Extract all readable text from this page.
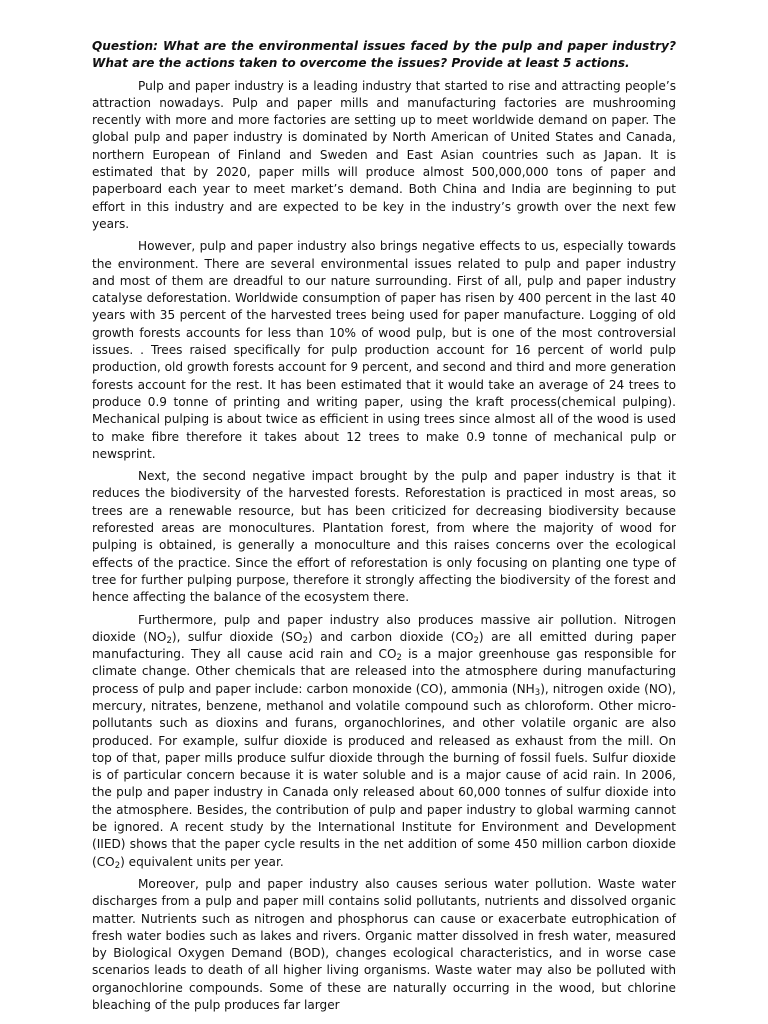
Question: What are the environmental issues faced by the pulp and paper industry? What are the actions taken to overcome the issues? Provide at least 5 actions.

Pulp and paper industry is a leading industry that started to rise and attracting people’s attraction nowadays. Pulp and paper mills and manufacturing factories are mushrooming recently with more and more factories are setting up to meet worldwide demand on paper. The global pulp and paper industry is dominated by North American of United States and Canada, northern European of Finland and Sweden and East Asian countries such as Japan. It is estimated that by 2020, paper mills will produce almost 500,000,000 tons of paper and paperboard each year to meet market’s demand. Both China and India are beginning to put effort in this industry and are expected to be key in the industry’s growth over the next few years.

However, pulp and paper industry also brings negative effects to us, especially towards the environment. There are several environmental issues related to pulp and paper industry and most of them are dreadful to our nature surrounding. First of all, pulp and paper industry catalyse deforestation. Worldwide consumption of paper has risen by 400 percent in the last 40 years with 35 percent of the harvested trees being used for paper manufacture. Logging of old growth forests accounts for less than 10% of wood pulp, but is one of the most controversial issues. . Trees raised specifically for pulp production account for 16 percent of world pulp production, old growth forests account for 9 percent, and second and third and more generation forests account for the rest. It has been estimated that it would take an average of 24 trees to produce 0.9 tonne of printing and writing paper, using the kraft process(chemical pulping). Mechanical pulping is about twice as efficient in using trees since almost all of the wood is used to make fibre therefore it takes about 12 trees to make 0.9 tonne of mechanical pulp or newsprint.

Next, the second negative impact brought by the pulp and paper industry is that it reduces the biodiversity of the harvested forests. Reforestation is practiced in most areas, so trees are a renewable resource, but has been criticized for decreasing biodiversity because reforested areas are monocultures. Plantation forest, from where the majority of wood for pulping is obtained, is generally a monoculture and this raises concerns over the ecological effects of the practice. Since the effort of reforestation is only focusing on planting one type of tree for further pulping purpose, therefore it strongly affecting the biodiversity of the forest and hence affecting the balance of the ecosystem there.

Furthermore, pulp and paper industry also produces massive air pollution. Nitrogen dioxide $(NO_2)$, sulfur dioxide $(SO_2)$ and carbon dioxide $(CO_2)$ are all emitted during paper manufacturing. They all cause acid rain and $CO_2$ is a major greenhouse gas responsible for climate change. Other chemicals that are released into the atmosphere during manufacturing process of pulp and paper include: carbon monoxide (CO), ammonia $(NH_3)$, nitrogen oxide (NO), mercury, nitrates, benzene, methanol and volatile compound such as chloroform. Other micro-pollutants such as dioxins and furans, organochlorines, and other volatile organic are also produced. For example, sulfur dioxide is produced and released as exhaust from the mill. On top of that, paper mills produce sulfur dioxide through the burning of fossil fuels. Sulfur dioxide is of particular concern because it is water soluble and is a major cause of acid rain. In 2006, the pulp and paper industry in Canada only released about 60,000 tonnes of sulfur dioxide into the atmosphere. Besides, the contribution of pulp and paper industry to global warming cannot be ignored. A recent study by the International Institute for Environment and Development (IIED) shows that the paper cycle results in the net addition of some 450 million carbon dioxide $(CO_2)$ equivalent units per year.

Moreover, pulp and paper industry also causes serious water pollution. Waste water discharges from a pulp and paper mill contains solid pollutants, nutrients and dissolved organic matter. Nutrients such as nitrogen and phosphorus can cause or exacerbate eutrophication of fresh water bodies such as lakes and rivers. Organic matter dissolved in fresh water, measured by Biological Oxygen Demand (BOD), changes ecological characteristics, and in worse case scenarios leads to death of all higher living organisms. Waste water may also be polluted with organochlorine compounds. Some of these are naturally occurring in the wood, but chlorine bleaching of the pulp produces far larger
